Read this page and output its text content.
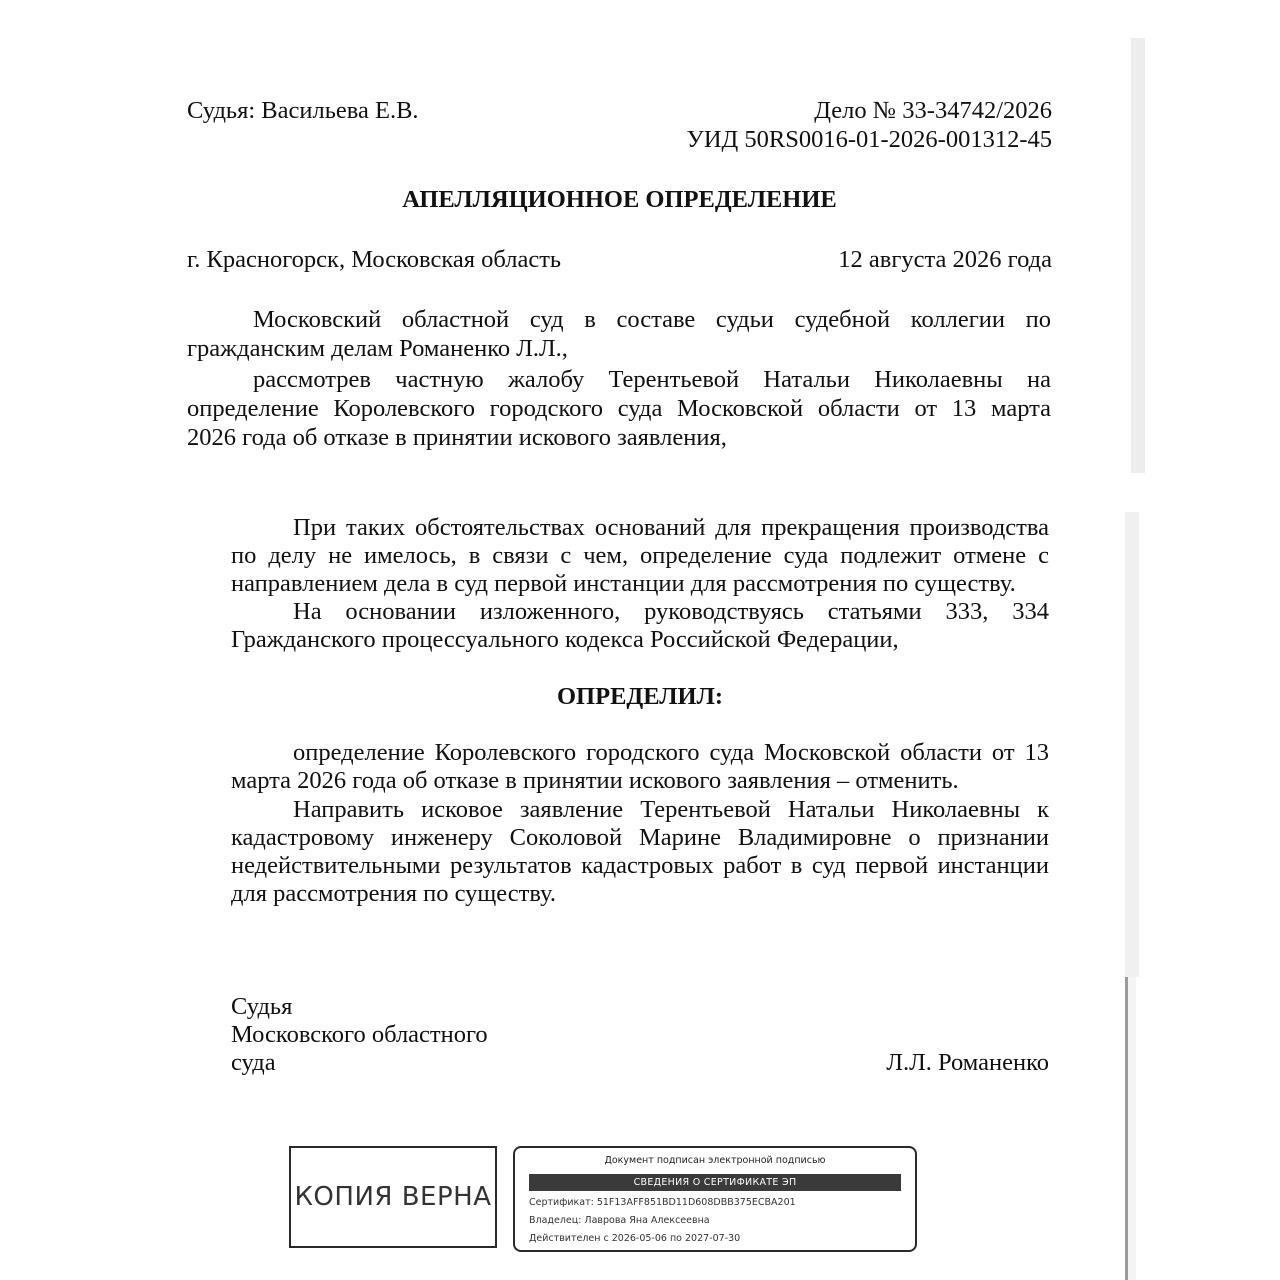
Судья: Васильева Е.В.	Дело № 33-34742/2026
УИД 50RS0016-01-2026-001312-45
АПЕЛЛЯЦИОННОЕ ОПРЕДЕЛЕНИЕ
г. Красногорск, Московская область	12 августа 2026 года
Московский областной суд в составе судьи судебной коллегии по
гражданским делам Романенко Л.Л.,
рассмотрев частную жалобу Терентьевой Натальи Николаевны на
определение Королевского городского суда Московской области от 13 марта
2026 года об отказе в принятии искового заявления,
При таких обстоятельствах оснований для прекращения производства
по делу не имелось, в связи с чем, определение суда подлежит отмене с
направлением дела в суд первой инстанции для рассмотрения по существу.
На основании изложенного, руководствуясь статьями 333, 334
Гражданского процессуального кодекса Российской Федерации,
ОПРЕДЕЛИЛ:
определение Королевского городского суда Московской области от 13
марта 2026 года об отказе в принятии искового заявления – отменить.
Направить исковое заявление Терентьевой Натальи Николаевны к
кадастровому инженеру Соколовой Марине Владимировне о признании
недействительными результатов кадастровых работ в суд первой инстанции
для рассмотрения по существу.
Судья
Московского областного
суда	Л.Л. Романенко
КОПИЯ ВЕРНА
Документ подписан электронной подписью
СВЕДЕНИЯ О СЕРТИФИКАТЕ ЭП
Сертификат: 51F13AFF851BD11D608DBB375ECBA201
Владелец: Лаврова Яна Алексеевна
Действителен с 2026-05-06 по 2027-07-30
